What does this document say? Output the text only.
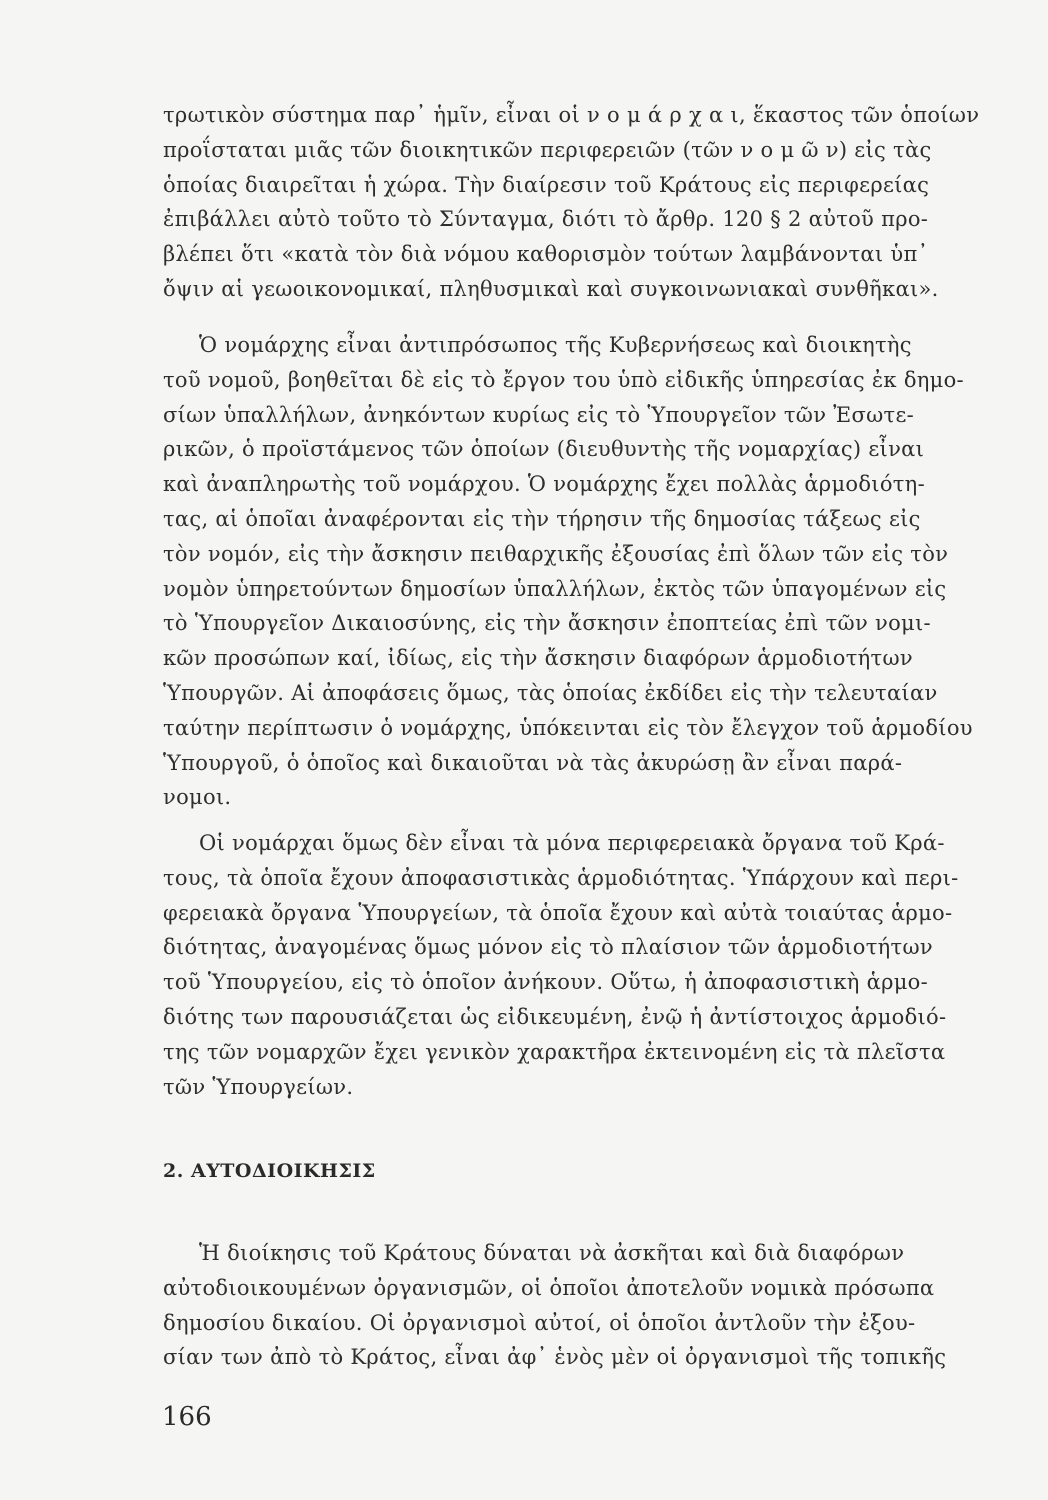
τρωτικὸν σύστημα παρ᾽ ἡμῖν, εἶναι οἱ ν ο μ ά ρ χ α ι, ἕκαστος τῶν ὁποίων
προΐσταται μιᾶς τῶν διοικητικῶν περιφερειῶν (τῶν ν ο μ ῶ ν) εἰς τὰς
ὁποίας διαιρεῖται ἡ χώρα. Τὴν διαίρεσιν τοῦ Κράτους εἰς περιφερείας
ἐπιβάλλει αὐτὸ τοῦτο τὸ Σύνταγμα, διότι τὸ ἄρθρ. 120 § 2 αὐτοῦ προ-
βλέπει ὅτι «κατὰ τὸν διὰ νόμου καθορισμὸν τούτων λαμβάνονται ὑπ᾽
ὄψιν αἱ γεωοικονομικαί, πληθυσμικαὶ καὶ συγκοινωνιακαὶ συνθῆκαι».
Ὁ νομάρχης εἶναι ἀντιπρόσωπος τῆς Κυβερνήσεως καὶ διοικητὴς
τοῦ νομοῦ, βοηθεῖται δὲ εἰς τὸ ἔργον του ὑπὸ εἰδικῆς ὑπηρεσίας ἐκ δημο-
σίων ὑπαλλήλων, ἀνηκόντων κυρίως εἰς τὸ Ὑπουργεῖον τῶν Ἐσωτε-
ρικῶν, ὁ προϊστάμενος τῶν ὁποίων (διευθυντὴς τῆς νομαρχίας) εἶναι
καὶ ἀναπληρωτὴς τοῦ νομάρχου. Ὁ νομάρχης ἔχει πολλὰς ἁρμοδιότη-
τας, αἱ ὁποῖαι ἀναφέρονται εἰς τὴν τήρησιν τῆς δημοσίας τάξεως εἰς
τὸν νομόν, εἰς τὴν ἄσκησιν πειθαρχικῆς ἐξουσίας ἐπὶ ὅλων τῶν εἰς τὸν
νομὸν ὑπηρετούντων δημοσίων ὑπαλλήλων, ἐκτὸς τῶν ὑπαγομένων εἰς
τὸ Ὑπουργεῖον Δικαιοσύνης, εἰς τὴν ἄσκησιν ἐποπτείας ἐπὶ τῶν νομι-
κῶν προσώπων καί, ἰδίως, εἰς τὴν ἄσκησιν διαφόρων ἁρμοδιοτήτων
Ὑπουργῶν. Αἱ ἀποφάσεις ὅμως, τὰς ὁποίας ἐκδίδει εἰς τὴν τελευταίαν
ταύτην περίπτωσιν ὁ νομάρχης, ὑπόκεινται εἰς τὸν ἔλεγχον τοῦ ἁρμοδίου
Ὑπουργοῦ, ὁ ὁποῖος καὶ δικαιοῦται νὰ τὰς ἀκυρώσῃ ἂν εἶναι παρά-
νομοι.
Οἱ νομάρχαι ὅμως δὲν εἶναι τὰ μόνα περιφερειακὰ ὄργανα τοῦ Κρά-
τους, τὰ ὁποῖα ἔχουν ἀποφασιστικὰς ἁρμοδιότητας. Ὑπάρχουν καὶ περι-
φερειακὰ ὄργανα Ὑπουργείων, τὰ ὁποῖα ἔχουν καὶ αὐτὰ τοιαύτας ἁρμο-
διότητας, ἀναγομένας ὅμως μόνον εἰς τὸ πλαίσιον τῶν ἁρμοδιοτήτων
τοῦ Ὑπουργείου, εἰς τὸ ὁποῖον ἀνήκουν. Οὕτω, ἡ ἀποφασιστικὴ ἁρμο-
διότης των παρουσιάζεται ὡς εἰδικευμένη, ἐνῷ ἡ ἀντίστοιχος ἁρμοδιό-
της τῶν νομαρχῶν ἔχει γενικὸν χαρακτῆρα ἐκτεινομένη εἰς τὰ πλεῖστα
τῶν Ὑπουργείων.
2. ΑΥΤΟΔΙΟΙΚΗΣΙΣ
Ἡ διοίκησις τοῦ Κράτους δύναται νὰ ἀσκῆται καὶ διὰ διαφόρων
αὐτοδιοικουμένων ὀργανισμῶν, οἱ ὁποῖοι ἀποτελοῦν νομικὰ πρόσωπα
δημοσίου δικαίου. Οἱ ὀργανισμοὶ αὐτοί, οἱ ὁποῖοι ἀντλοῦν τὴν ἐξου-
σίαν των ἀπὸ τὸ Κράτος, εἶναι ἀφ᾽ ἑνὸς μὲν οἱ ὀργανισμοὶ τῆς τοπικῆς
166
